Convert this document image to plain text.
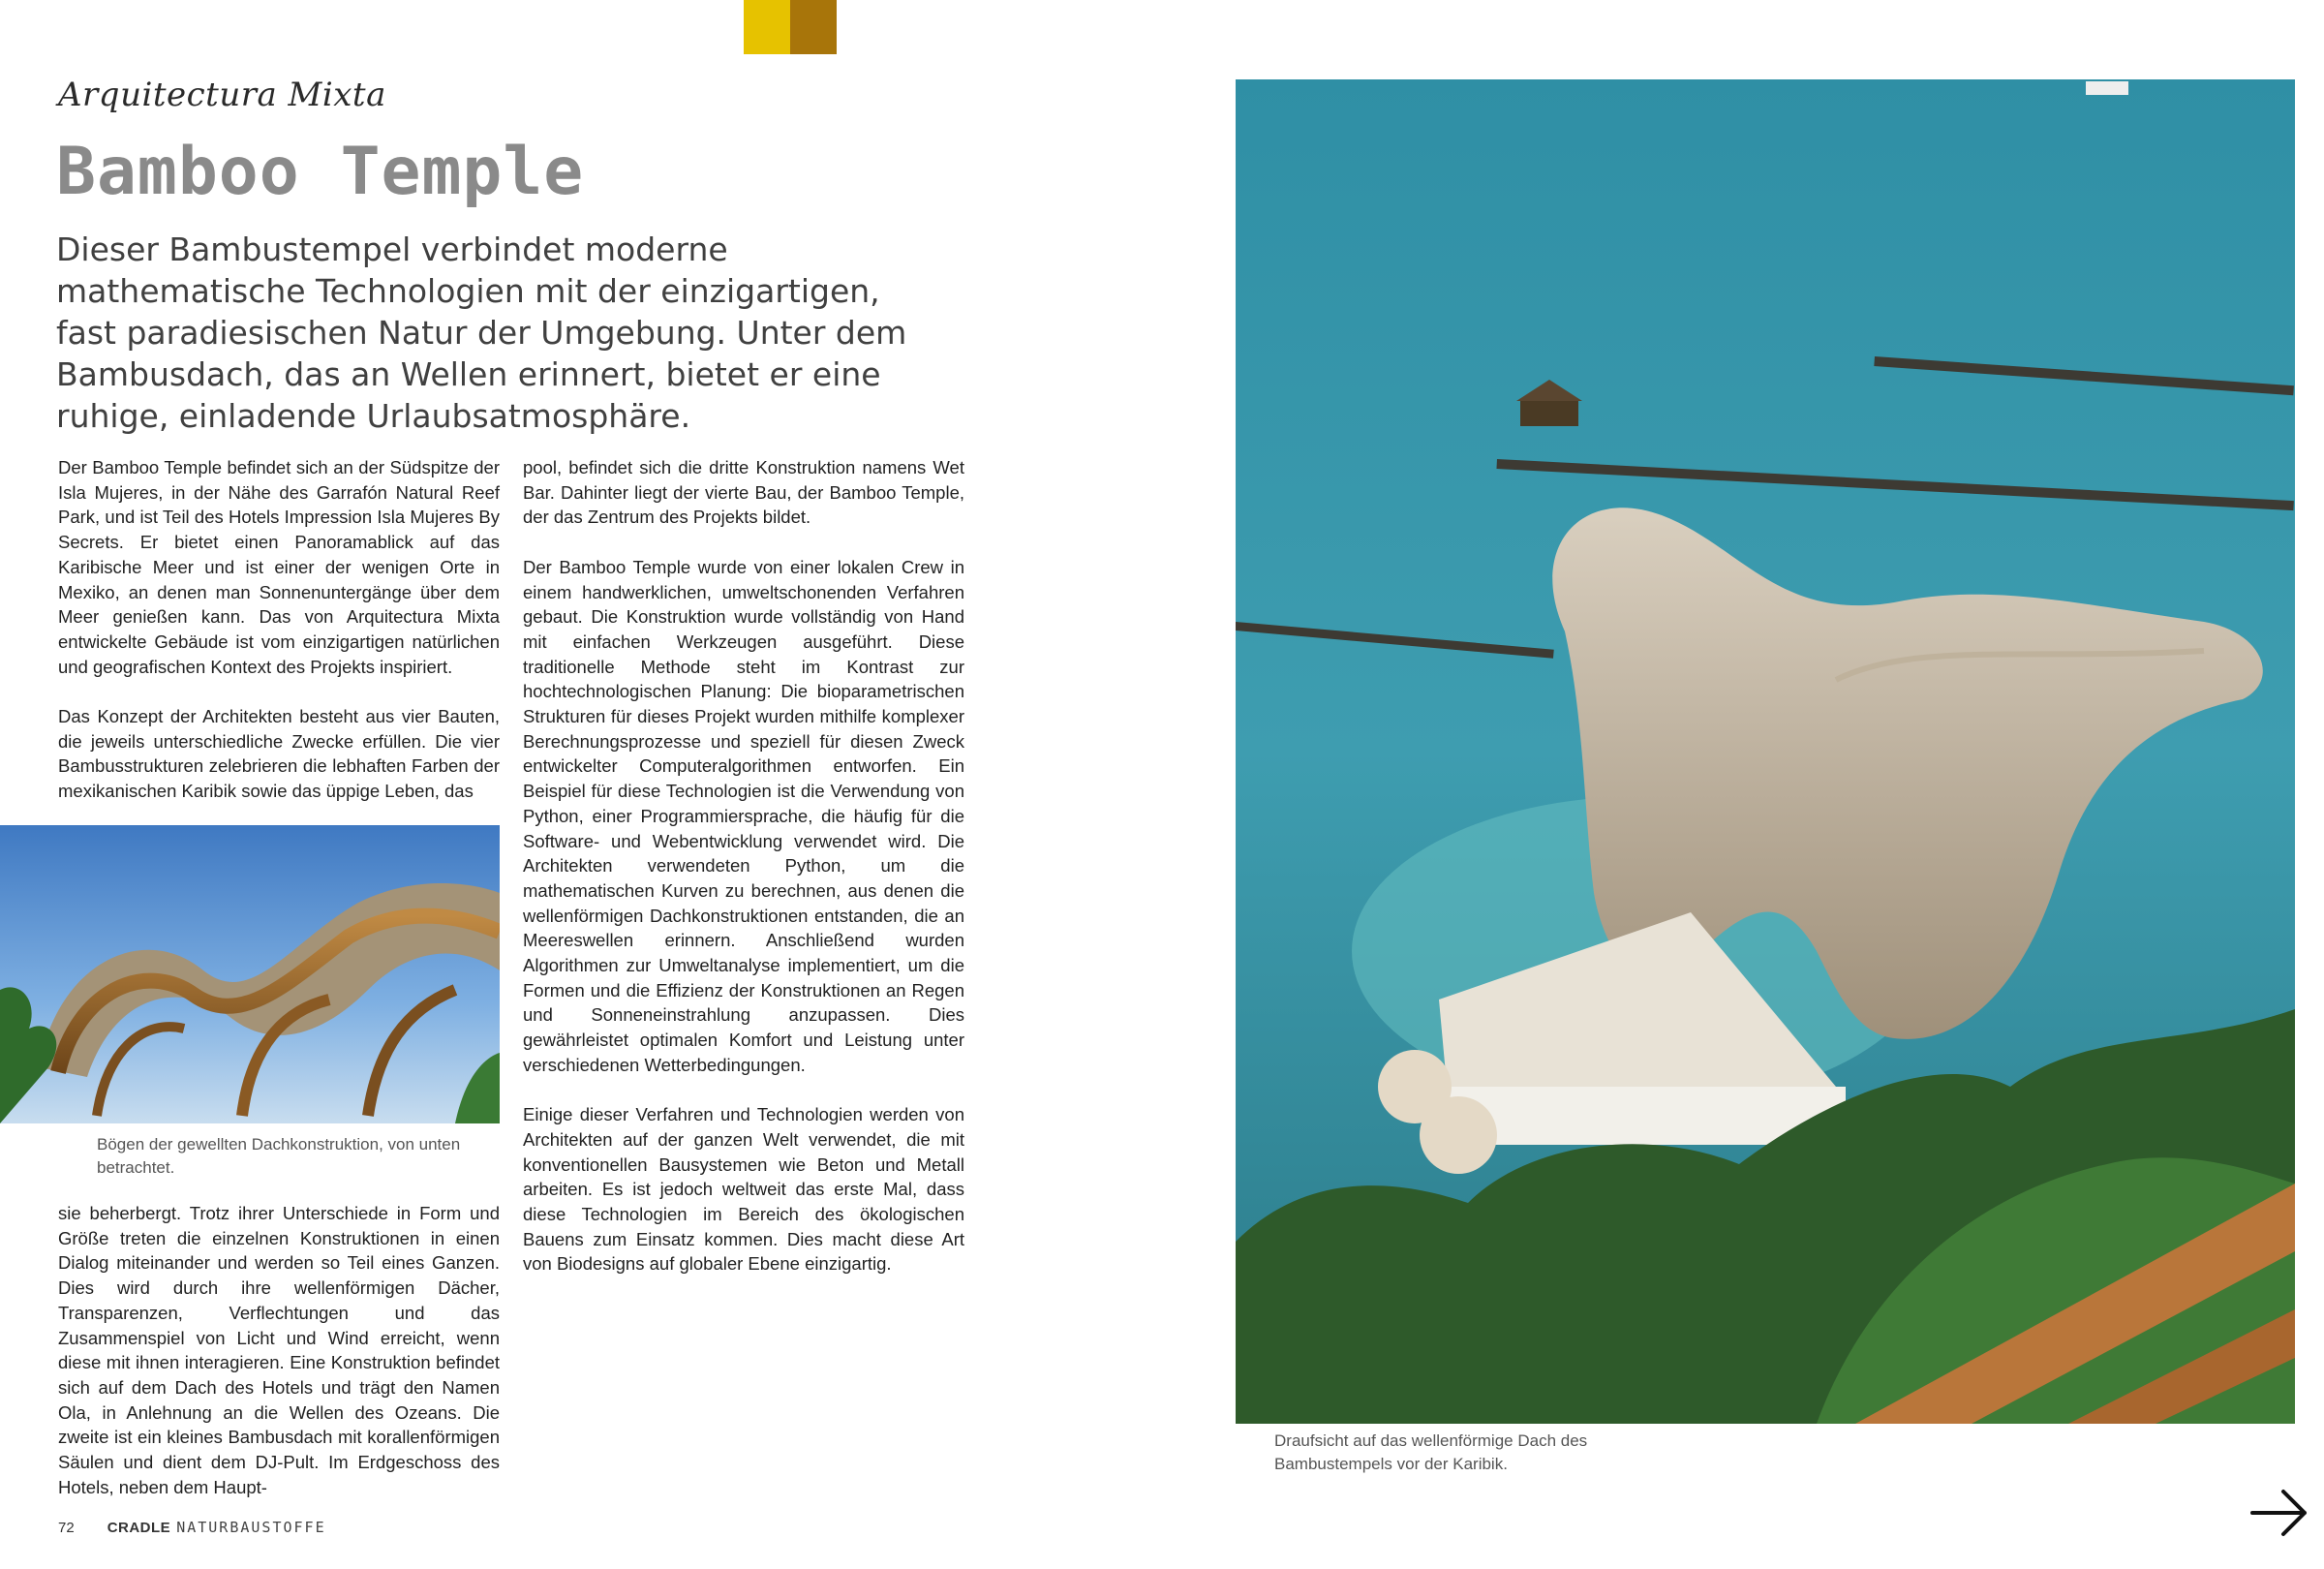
Arquitectura Mixta
Bamboo Temple
Dieser Bambustempel verbindet moderne mathematische Technologien mit der einzigartigen, fast paradiesischen Natur der Umgebung. Unter dem Bambusdach, das an Wellen erinnert, bietet er eine ruhige, einladende Urlaubsatmosphäre.

Der Bamboo Temple befindet sich an der Südspitze der Isla Mujeres, in der Nähe des Garrafón Natural Reef Park, und ist Teil des Hotels Impression Isla Mujeres By Secrets. Er bietet einen Panoramablick auf das Karibische Meer und ist einer der wenigen Orte in Mexiko, an denen man Sonnenuntergänge über dem Meer genießen kann. Das von Arquitectura Mixta entwickelte Gebäude ist vom einzigartigen natürlichen und geografischen Kontext des Projekts inspiriert.

Das Konzept der Architekten besteht aus vier Bauten, die jeweils unterschiedliche Zwecke erfüllen. Die vier Bambusstrukturen zelebrieren die lebhaften Farben der mexikanischen Karibik sowie das üppige Leben, das

Bögen der gewellten Dachkonstruktion, von unten betrachtet.

sie beherbergt. Trotz ihrer Unterschiede in Form und Größe treten die einzelnen Konstruktionen in einen Dialog miteinander und werden so Teil eines Ganzen. Dies wird durch ihre wellenförmigen Dächer, Transparenzen, Verflechtungen und das Zusammenspiel von Licht und Wind erreicht, wenn diese mit ihnen interagieren. Eine Konstruktion befindet sich auf dem Dach des Hotels und trägt den Namen Ola, in Anlehnung an die Wellen des Ozeans. Die zweite ist ein kleines Bambusdach mit korallenförmigen Säulen und dient dem DJ-Pult. Im Erdgeschoss des Hotels, neben dem Haupt-

pool, befindet sich die dritte Konstruktion namens Wet Bar. Dahinter liegt der vierte Bau, der Bamboo Temple, der das Zentrum des Projekts bildet.

Der Bamboo Temple wurde von einer lokalen Crew in einem handwerklichen, umweltschonenden Verfahren gebaut. Die Konstruktion wurde vollständig von Hand mit einfachen Werkzeugen ausgeführt. Diese traditionelle Methode steht im Kontrast zur hochtechnologischen Planung: Die bioparametrischen Strukturen für dieses Projekt wurden mithilfe komplexer Berechnungsprozesse und speziell für diesen Zweck entwickelter Computeralgorithmen entworfen. Ein Beispiel für diese Technologien ist die Verwendung von Python, einer Programmiersprache, die häufig für die Software- und Webentwicklung verwendet wird. Die Architekten verwendeten Python, um die mathematischen Kurven zu berechnen, aus denen die wellenförmigen Dachkonstruktionen entstanden, die an Meereswellen erinnern. Anschließend wurden Algorithmen zur Umweltanalyse implementiert, um die Formen und die Effizienz der Konstruktionen an Regen und Sonneneinstrahlung anzupassen. Dies gewährleistet optimalen Komfort und Leistung unter verschiedenen Wetterbedingungen.

Einige dieser Verfahren und Technologien werden von Architekten auf der ganzen Welt verwendet, die mit konventionellen Bausystemen wie Beton und Metall arbeiten. Es ist jedoch weltweit das erste Mal, dass diese Technologien im Bereich des ökologischen Bauens zum Einsatz kommen. Dies macht diese Art von Biodesigns auf globaler Ebene einzigartig.

Draufsicht auf das wellenförmige Dach des Bambustempels vor der Karibik.
72 CRADLE NATURBAUSTOFFE
